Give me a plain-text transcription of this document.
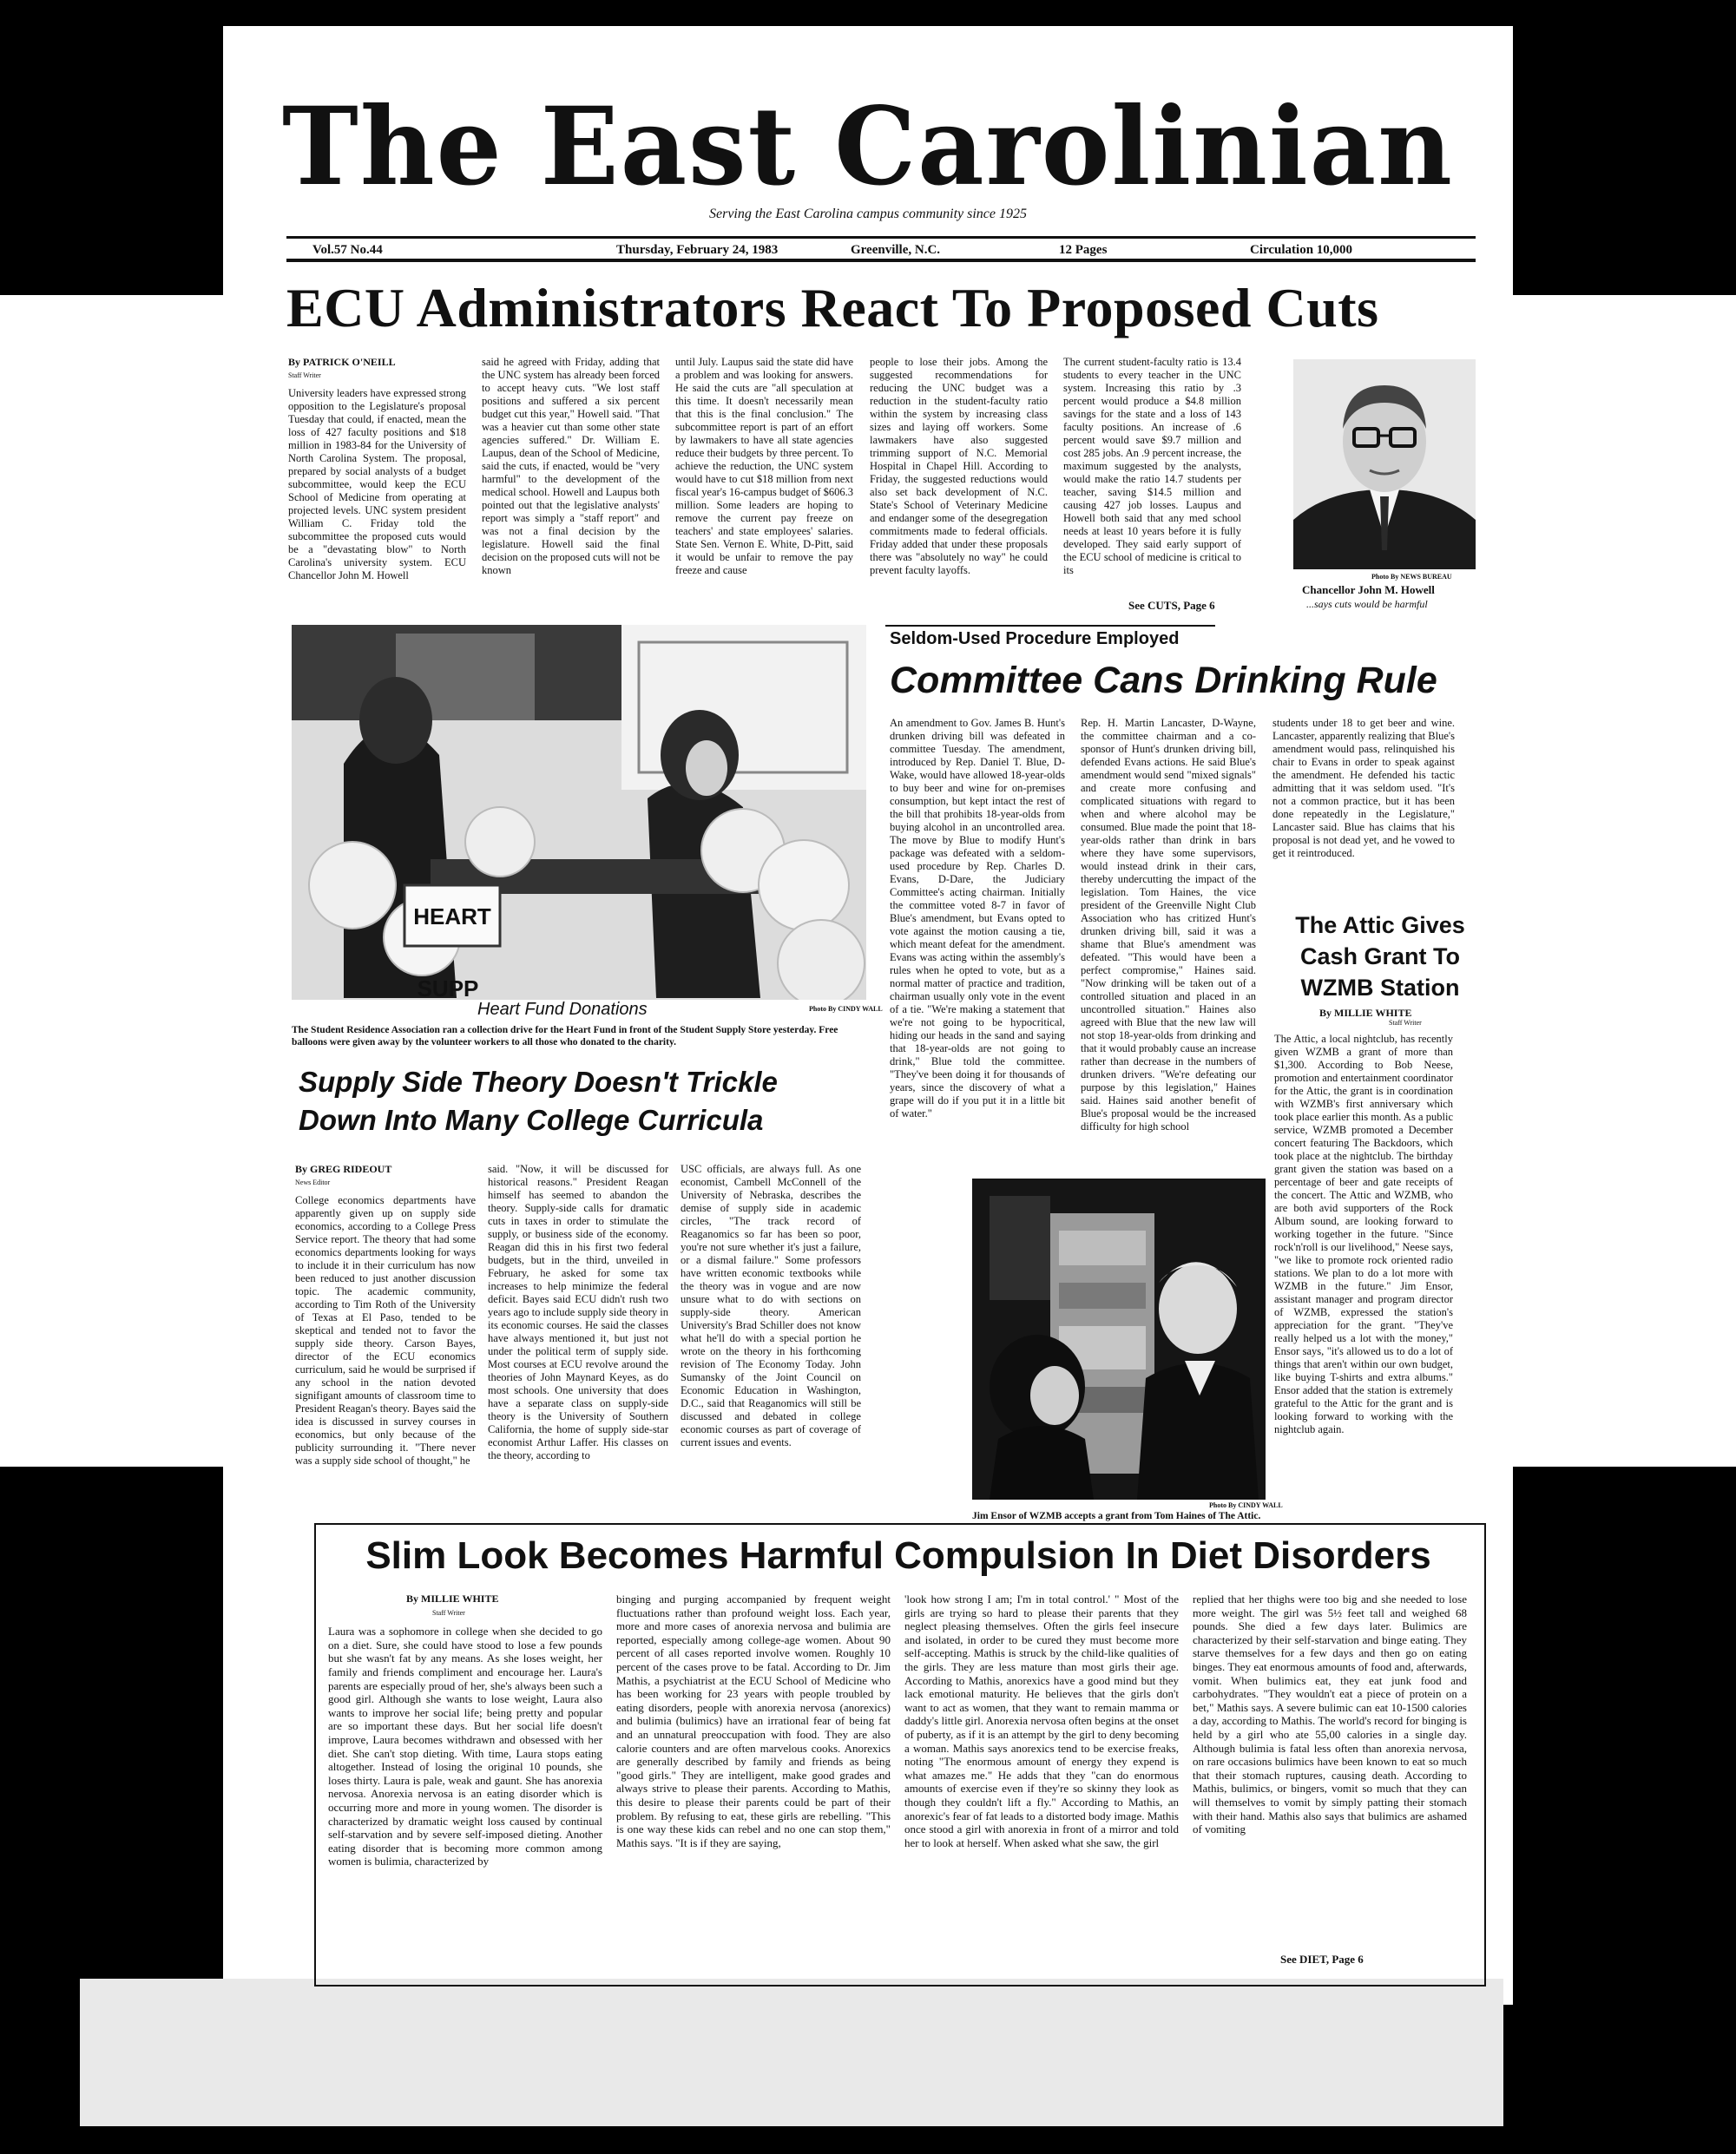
The East Carolinian
Serving the East Carolina campus community since 1925
Vol.57 No.44	Thursday, February 24, 1983	Greenville, N.C.	12 Pages	Circulation 10,000
ECU Administrators React To Proposed Cuts
By PATRICK O'NEILL
Staff Writer
University leaders have expressed strong opposition to the Legislature's proposal Tuesday that could, if enacted, mean the loss of 427 faculty positions and $18 million in 1983-84 for the University of North Carolina System. The proposal, prepared by social analysts of a budget subcommittee, would keep the ECU School of Medicine from operating at projected levels. UNC system president William C. Friday told the subcommittee the proposed cuts would be a "devastating blow" to North Carolina's university system. ECU Chancellor John M. Howell
said he agreed with Friday, adding that the UNC system has already been forced to accept heavy cuts. "We lost staff positions and suffered a six percent budget cut this year," Howell said. "That was a heavier cut than some other state agencies suffered." Dr. William E. Laupus, dean of the School of Medicine, said the cuts, if enacted, would be "very harmful" to the development of the medical school. Howell and Laupus both pointed out that the legislative analysts' report was simply a "staff report" and was not a final decision by the legislature. Howell said the final decision on the proposed cuts will not be known
until July. Laupus said the state did have a problem and was looking for answers. He said the cuts are "all speculation at this time. It doesn't necessarily mean that this is the final conclusion." The subcommittee report is part of an effort by lawmakers to have all state agencies reduce their budgets by three percent. To achieve the reduction, the UNC system would have to cut $18 million from next fiscal year's 16-campus budget of $606.3 million. Some leaders are hoping to remove the current pay freeze on teachers' and state employees' salaries. State Sen. Vernon E. White, D-Pitt, said it would be unfair to remove the pay freeze and cause
people to lose their jobs. Among the suggested recommendations for reducing the UNC budget was a reduction in the student-faculty ratio within the system by increasing class sizes and laying off workers. Some lawmakers have also suggested trimming support of N.C. Memorial Hospital in Chapel Hill. According to Friday, the suggested reductions would also set back development of N.C. State's School of Veterinary Medicine and endanger some of the desegregation commitments made to federal officials. Friday added that under these proposals there was "absolutely no way" he could prevent faculty layoffs.
The current student-faculty ratio is 13.4 students to every teacher in the UNC system. Increasing this ratio by .3 percent would produce a $4.8 million savings for the state and a loss of 143 faculty positions. An increase of .6 percent would save $9.7 million and cost 285 jobs. An .9 percent increase, the maximum suggested by the analysts, would make the ratio 14.7 students per teacher, saving $14.5 million and causing 427 job losses. Laupus and Howell both said that any med school needs at least 10 years before it is fully developed. They said early support of the ECU school of medicine is critical to its
See CUTS, Page 6
Photo By NEWS BUREAU
Chancellor John M. Howell
...says cuts would be harmful
HEART
SUPP
Heart Fund Donations	Photo By CINDY WALL
The Student Residence Association ran a collection drive for the Heart Fund in front of the Student Supply Store yesterday. Free balloons were given away by the volunteer workers to all those who donated to the charity.
Seldom-Used Procedure Employed
Committee Cans Drinking Rule
An amendment to Gov. James B. Hunt's drunken driving bill was defeated in committee Tuesday. The amendment, introduced by Rep. Daniel T. Blue, D-Wake, would have allowed 18-year-olds to buy beer and wine for on-premises consumption, but kept intact the rest of the bill that prohibits 18-year-olds from buying alcohol in an uncontrolled area. The move by Blue to modify Hunt's package was defeated with a seldom-used procedure by Rep. Charles D. Evans, D-Dare, the Judiciary Committee's acting chairman. Initially the committee voted 8-7 in favor of Blue's amendment, but Evans opted to vote against the motion causing a tie, which meant defeat for the amendment. Evans was acting within the assembly's rules when he opted to vote, but as a normal matter of practice and tradition, chairman usually only vote in the event of a tie. "We're making a statement that we're not going to be hypocritical, hiding our heads in the sand and saying that 18-year-olds are not going to drink," Blue told the committee. "They've been doing it for thousands of years, since the discovery of what a grape will do if you put it in a little bit of water."
Rep. H. Martin Lancaster, D-Wayne, the committee chairman and a co-sponsor of Hunt's drunken driving bill, defended Evans actions. He said Blue's amendment would send "mixed signals" and create more confusing and complicated situations with regard to when and where alcohol may be consumed. Blue made the point that 18-year-olds rather than drink in bars where they have some supervisors, would instead drink in their cars, thereby undercutting the impact of the legislation. Tom Haines, the vice president of the Greenville Night Club Association who has critized Hunt's drunken driving bill, said it was a shame that Blue's amendment was defeated. "This would have been a perfect compromise," Haines said. "Now drinking will be taken out of a controlled situation and placed in an uncontrolled situation." Haines also agreed with Blue that the new law will not stop 18-year-olds from drinking and that it would probably cause an increase rather than decrease in the numbers of drunken drivers. "We're defeating our purpose by this legislation," Haines said. Haines said another benefit of Blue's proposal would be the increased difficulty for high school
students under 18 to get beer and wine. Lancaster, apparently realizing that Blue's amendment would pass, relinquished his chair to Evans in order to speak against the amendment. He defended his tactic admitting that it was seldom used. "It's not a common practice, but it has been done repeatedly in the Legislature," Lancaster said. Blue has claims that his proposal is not dead yet, and he vowed to get it reintroduced.
The Attic Gives Cash Grant To WZMB Station
By MILLIE WHITE
Staff Writer
The Attic, a local nightclub, has recently given WZMB a grant of more than $1,300. According to Bob Neese, promotion and entertainment coordinator for the Attic, the grant is in coordination with WZMB's first anniversary which took place earlier this month. As a public service, WZMB promoted a December concert featuring The Backdoors, which took place at the nightclub. The birthday grant given the station was based on a percentage of beer and gate receipts of the concert. The Attic and WZMB, who are both avid supporters of the Rock Album sound, are looking forward to working together in the future. "Since rock'n'roll is our livelihood," Neese says, "we like to promote rock oriented radio stations. We plan to do a lot more with WZMB in the future." Jim Ensor, assistant manager and program director of WZMB, expressed the station's appreciation for the grant. "They've really helped us a lot with the money," Ensor says, "it's allowed us to do a lot of things that aren't within our own budget, like buying T-shirts and extra albums." Ensor added that the station is extremely grateful to the Attic for the grant and is looking forward to working with the nightclub again.
Photo By CINDY WALL
Jim Ensor of WZMB accepts a grant from Tom Haines of The Attic.
Supply Side Theory Doesn't Trickle
Down Into Many College Curricula
By GREG RIDEOUT
News Editor
College economics departments have apparently given up on supply side economics, according to a College Press Service report. The theory that had some economics departments looking for ways to include it in their curriculum has now been reduced to just another discussion topic. The academic community, according to Tim Roth of the University of Texas at El Paso, tended to be skeptical and tended not to favor the supply side theory. Carson Bayes, director of the ECU economics curriculum, said he would be surprised if any school in the nation devoted signifigant amounts of classroom time to President Reagan's theory. Bayes said the idea is discussed in survey courses in economics, but only because of the publicity surrounding it. "There never was a supply side school of thought," he
said. "Now, it will be discussed for historical reasons." President Reagan himself has seemed to abandon the theory. Supply-side calls for dramatic cuts in taxes in order to stimulate the supply, or business side of the economy. Reagan did this in his first two federal budgets, but in the third, unveiled in February, he asked for some tax increases to help minimize the federal deficit. Bayes said ECU didn't rush two years ago to include supply side theory in its economic courses. He said the classes have always mentioned it, but just not under the political term of supply side. Most courses at ECU revolve around the theories of John Maynard Keyes, as do most schools. One university that does have a separate class on supply-side theory is the University of Southern California, the home of supply side-star economist Arthur Laffer. His classes on the theory, according to
USC officials, are always full. As one economist, Cambell McConnell of the University of Nebraska, describes the demise of supply side in academic circles, "The track record of Reaganomics so far has been so poor, you're not sure whether it's just a failure, or a dismal failure." Some professors have written economic textbooks while the theory was in vogue and are now unsure what to do with sections on supply-side theory. American University's Brad Schiller does not know what he'll do with a special portion he wrote on the theory in his forthcoming revision of The Economy Today. John Sumansky of the Joint Council on Economic Education in Washington, D.C., said that Reaganomics will still be discussed and debated in college economic courses as part of coverage of current issues and events.
Slim Look Becomes Harmful Compulsion In Diet Disorders
By MILLIE WHITE
Staff Writer
Laura was a sophomore in college when she decided to go on a diet. Sure, she could have stood to lose a few pounds but she wasn't fat by any means. As she loses weight, her family and friends compliment and encourage her. Laura's parents are especially proud of her, she's always been such a good girl. Although she wants to lose weight, Laura also wants to improve her social life; being pretty and popular are so important these days. But her social life doesn't improve, Laura becomes withdrawn and obsessed with her diet. She can't stop dieting. With time, Laura stops eating altogether. Instead of losing the original 10 pounds, she loses thirty. Laura is pale, weak and gaunt. She has anorexia nervosa. Anorexia nervosa is an eating disorder which is occurring more and more in young women. The disorder is characterized by dramatic weight loss caused by continual self-starvation and by severe self-imposed dieting. Another eating disorder that is becoming more common among women is bulimia, characterized by
binging and purging accompanied by frequent weight fluctuations rather than profound weight loss. Each year, more and more cases of anorexia nervosa and bulimia are reported, especially among college-age women. About 90 percent of all cases reported involve women. Roughly 10 percent of the cases prove to be fatal. According to Dr. Jim Mathis, a psychiatrist at the ECU School of Medicine who has been working for 23 years with people troubled by eating disorders, people with anorexia nervosa (anorexics) and bulimia (bulimics) have an irrational fear of being fat and an unnatural preoccupation with food. They are also calorie counters and are often marvelous cooks. Anorexics are generally described by family and friends as being "good girls." They are intelligent, make good grades and always strive to please their parents. According to Mathis, this desire to please their parents could be part of their problem. By refusing to eat, these girls are rebelling. "This is one way these kids can rebel and no one can stop them," Mathis says. "It is if they are saying,
'look how strong I am; I'm in total control.' " Most of the girls are trying so hard to please their parents that they neglect pleasing themselves. Often the girls feel insecure and isolated, in order to be cured they must become more self-accepting. Mathis is struck by the child-like qualities of the girls. They are less mature than most girls their age. According to Mathis, anorexics have a good mind but they lack emotional maturity. He believes that the girls don't want to act as women, that they want to remain mamma or daddy's little girl. Anorexia nervosa often begins at the onset of puberty, as if it is an attempt by the girl to deny becoming a woman. Mathis says anorexics tend to be exercise freaks, noting "The enormous amount of energy they expend is what amazes me." He adds that they "can do enormous amounts of exercise even if they're so skinny they look as though they couldn't lift a fly." According to Mathis, an anorexic's fear of fat leads to a distorted body image. Mathis once stood a girl with anorexia in front of a mirror and told her to look at herself. When asked what she saw, the girl
replied that her thighs were too big and she needed to lose more weight. The girl was 5½ feet tall and weighed 68 pounds. She died a few days later. Bulimics are characterized by their self-starvation and binge eating. They starve themselves for a few days and then go on eating binges. They eat enormous amounts of food and, afterwards, vomit. When bulimics eat, they eat junk food and carbohydrates. "They wouldn't eat a piece of protein on a bet," Mathis says. A severe bulimic can eat 10-1500 calories a day, according to Mathis. The world's record for binging is held by a girl who ate 55,00 calories in a single day. Although bulimia is fatal less often than anorexia nervosa, on rare occasions bulimics have been known to eat so much that their stomach ruptures, causing death. According to Mathis, bulimics, or bingers, vomit so much that they can will themselves to vomit by simply patting their stomach with their hand. Mathis also says that bulimics are ashamed of vomiting
See DIET, Page 6
